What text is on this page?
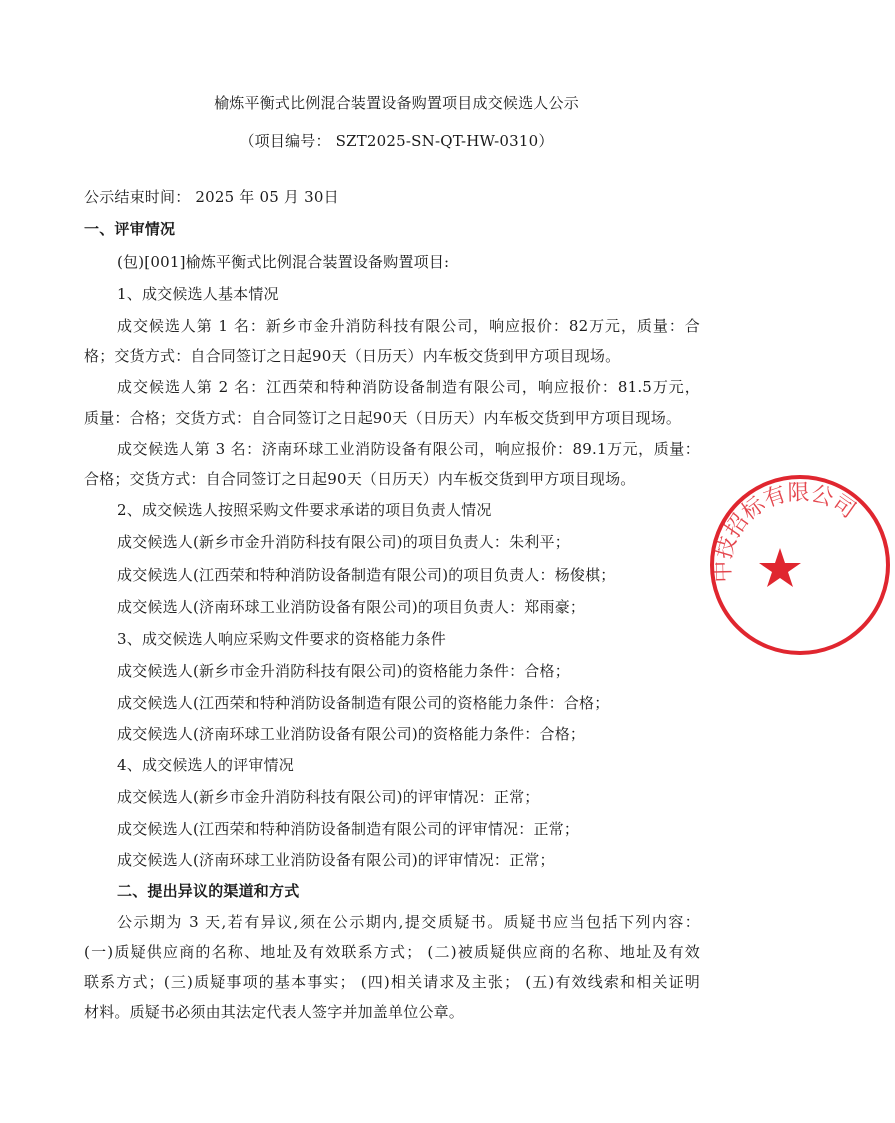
榆炼平衡式比例混合装置设备购置项目成交候选人公示
（项目编号： SZT2025-SN-QT-HW-0310）
公示结束时间： 2025 年 05 月 30日
一、评审情况
(包)[001]榆炼平衡式比例混合装置设备购置项目:
1、成交候选人基本情况
成交候选人第 1 名：新乡市金升消防科技有限公司，响应报价：82万元，质量：合
格；交货方式：自合同签订之日起90天（日历天）内车板交货到甲方项目现场。
成交候选人第 2 名：江西荣和特种消防设备制造有限公司，响应报价：81.5万元，
质量：合格；交货方式：自合同签订之日起90天（日历天）内车板交货到甲方项目现场。
成交候选人第 3 名：济南环球工业消防设备有限公司，响应报价：89.1万元，质量：
合格；交货方式：自合同签订之日起90天（日历天）内车板交货到甲方项目现场。
2、成交候选人按照采购文件要求承诺的项目负责人情况
成交候选人(新乡市金升消防科技有限公司)的项目负责人：朱利平；
成交候选人(江西荣和特种消防设备制造有限公司)的项目负责人：杨俊棋；
成交候选人(济南环球工业消防设备有限公司)的项目负责人：郑雨豪；
3、成交候选人响应采购文件要求的资格能力条件
成交候选人(新乡市金升消防科技有限公司)的资格能力条件：合格；
成交候选人(江西荣和特种消防设备制造有限公司的资格能力条件：合格；
成交候选人(济南环球工业消防设备有限公司)的资格能力条件：合格；
4、成交候选人的评审情况
成交候选人(新乡市金升消防科技有限公司)的评审情况：正常；
成交候选人(江西荣和特种消防设备制造有限公司的评审情况：正常；
成交候选人(济南环球工业消防设备有限公司)的评审情况：正常；
二、提出异议的渠道和方式
公示期为 3 天,若有异议,须在公示期内,提交质疑书。质疑书应当包括下列内容：
(一)质疑供应商的名称、地址及有效联系方式； (二)被质疑供应商的名称、地址及有效
联系方式；(三)质疑事项的基本事实； (四)相关请求及主张； (五)有效线索和相关证明
材料。质疑书必须由其法定代表人签字并加盖单位公章。
中技招标有限公司
